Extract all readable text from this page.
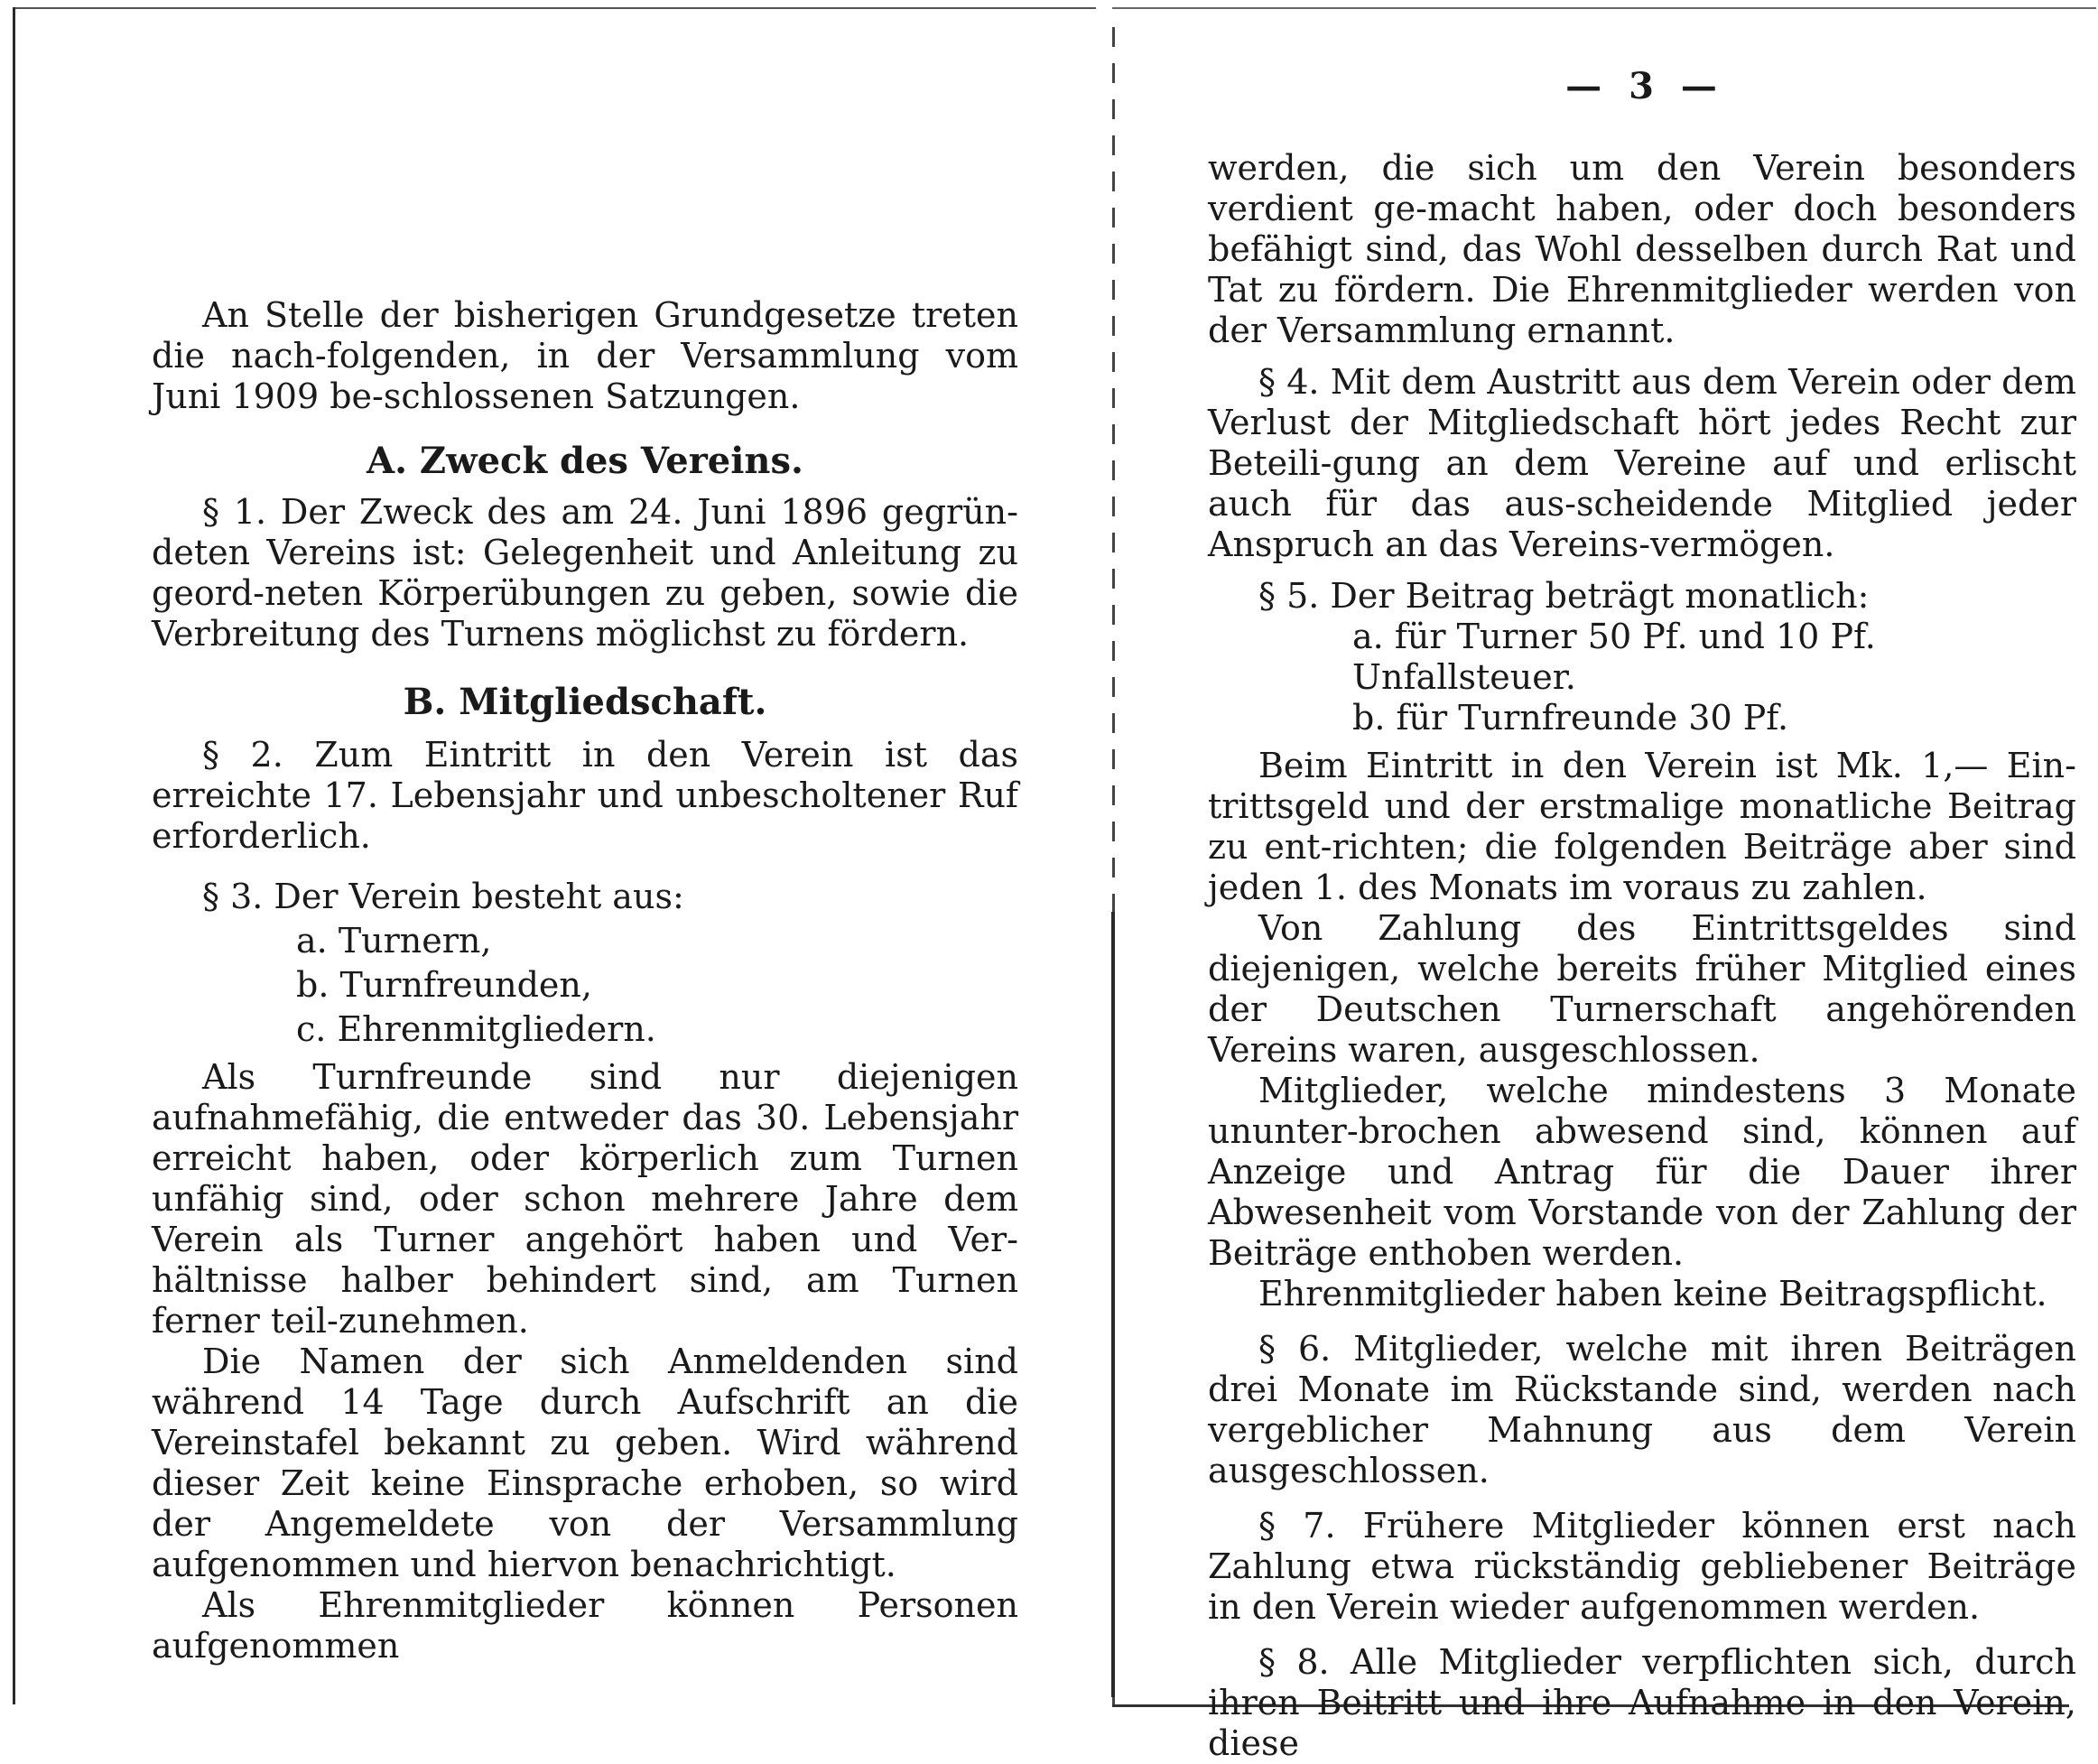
An Stelle der bisherigen Grundgesetze treten die nach-folgenden, in der Versammlung vom Juni 1909 be-schlossenen Satzungen.

A. Zweck des Vereins.

§ 1. Der Zweck des am 24. Juni 1896 gegrün-deten Vereins ist: Gelegenheit und Anleitung zu geord-neten Körperübungen zu geben, sowie die Verbreitung des Turnens möglichst zu fördern.

B. Mitgliedschaft.

§ 2. Zum Eintritt in den Verein ist das erreichte 17. Lebensjahr und unbescholtener Ruf erforderlich.

§ 3. Der Verein besteht aus:

a. Turnern,

b. Turnfreunden,

c. Ehrenmitgliedern.

Als Turnfreunde sind nur diejenigen aufnahmefähig, die entweder das 30. Lebensjahr erreicht haben, oder körperlich zum Turnen unfähig sind, oder schon mehrere Jahre dem Verein als Turner angehört haben und Ver-hältnisse halber behindert sind, am Turnen ferner teil-zunehmen.

Die Namen der sich Anmeldenden sind während 14 Tage durch Aufschrift an die Vereinstafel bekannt zu geben. Wird während dieser Zeit keine Einsprache erhoben, so wird der Angemeldete von der Versammlung aufgenommen und hiervon benachrichtigt.

Als Ehrenmitglieder können Personen aufgenommen

— 3 —

werden, die sich um den Verein besonders verdient ge-macht haben, oder doch besonders befähigt sind, das Wohl desselben durch Rat und Tat zu fördern. Die Ehrenmitglieder werden von der Versammlung ernannt.

§ 4. Mit dem Austritt aus dem Verein oder dem Verlust der Mitgliedschaft hört jedes Recht zur Beteili-gung an dem Vereine auf und erlischt auch für das aus-scheidende Mitglied jeder Anspruch an das Vereins-vermögen.

§ 5. Der Beitrag beträgt monatlich:

a. für Turner 50 Pf. und 10 Pf. Unfallsteuer.

b. für Turnfreunde 30 Pf.

Beim Eintritt in den Verein ist Mk. 1,— Ein-trittsgeld und der erstmalige monatliche Beitrag zu ent-richten; die folgenden Beiträge aber sind jeden 1. des Monats im voraus zu zahlen.

Von Zahlung des Eintrittsgeldes sind diejenigen, welche bereits früher Mitglied eines der Deutschen Turnerschaft angehörenden Vereins waren, ausgeschlossen.

Mitglieder, welche mindestens 3 Monate ununter-brochen abwesend sind, können auf Anzeige und Antrag für die Dauer ihrer Abwesenheit vom Vorstande von der Zahlung der Beiträge enthoben werden.

Ehrenmitglieder haben keine Beitragspflicht.

§ 6. Mitglieder, welche mit ihren Beiträgen drei Monate im Rückstande sind, werden nach vergeblicher Mahnung aus dem Verein ausgeschlossen.

§ 7. Frühere Mitglieder können erst nach Zahlung etwa rückständig gebliebener Beiträge in den Verein wieder aufgenommen werden.

§ 8. Alle Mitglieder verpflichten sich, durch ihren Beitritt und ihre Aufnahme in den Verein, diese
